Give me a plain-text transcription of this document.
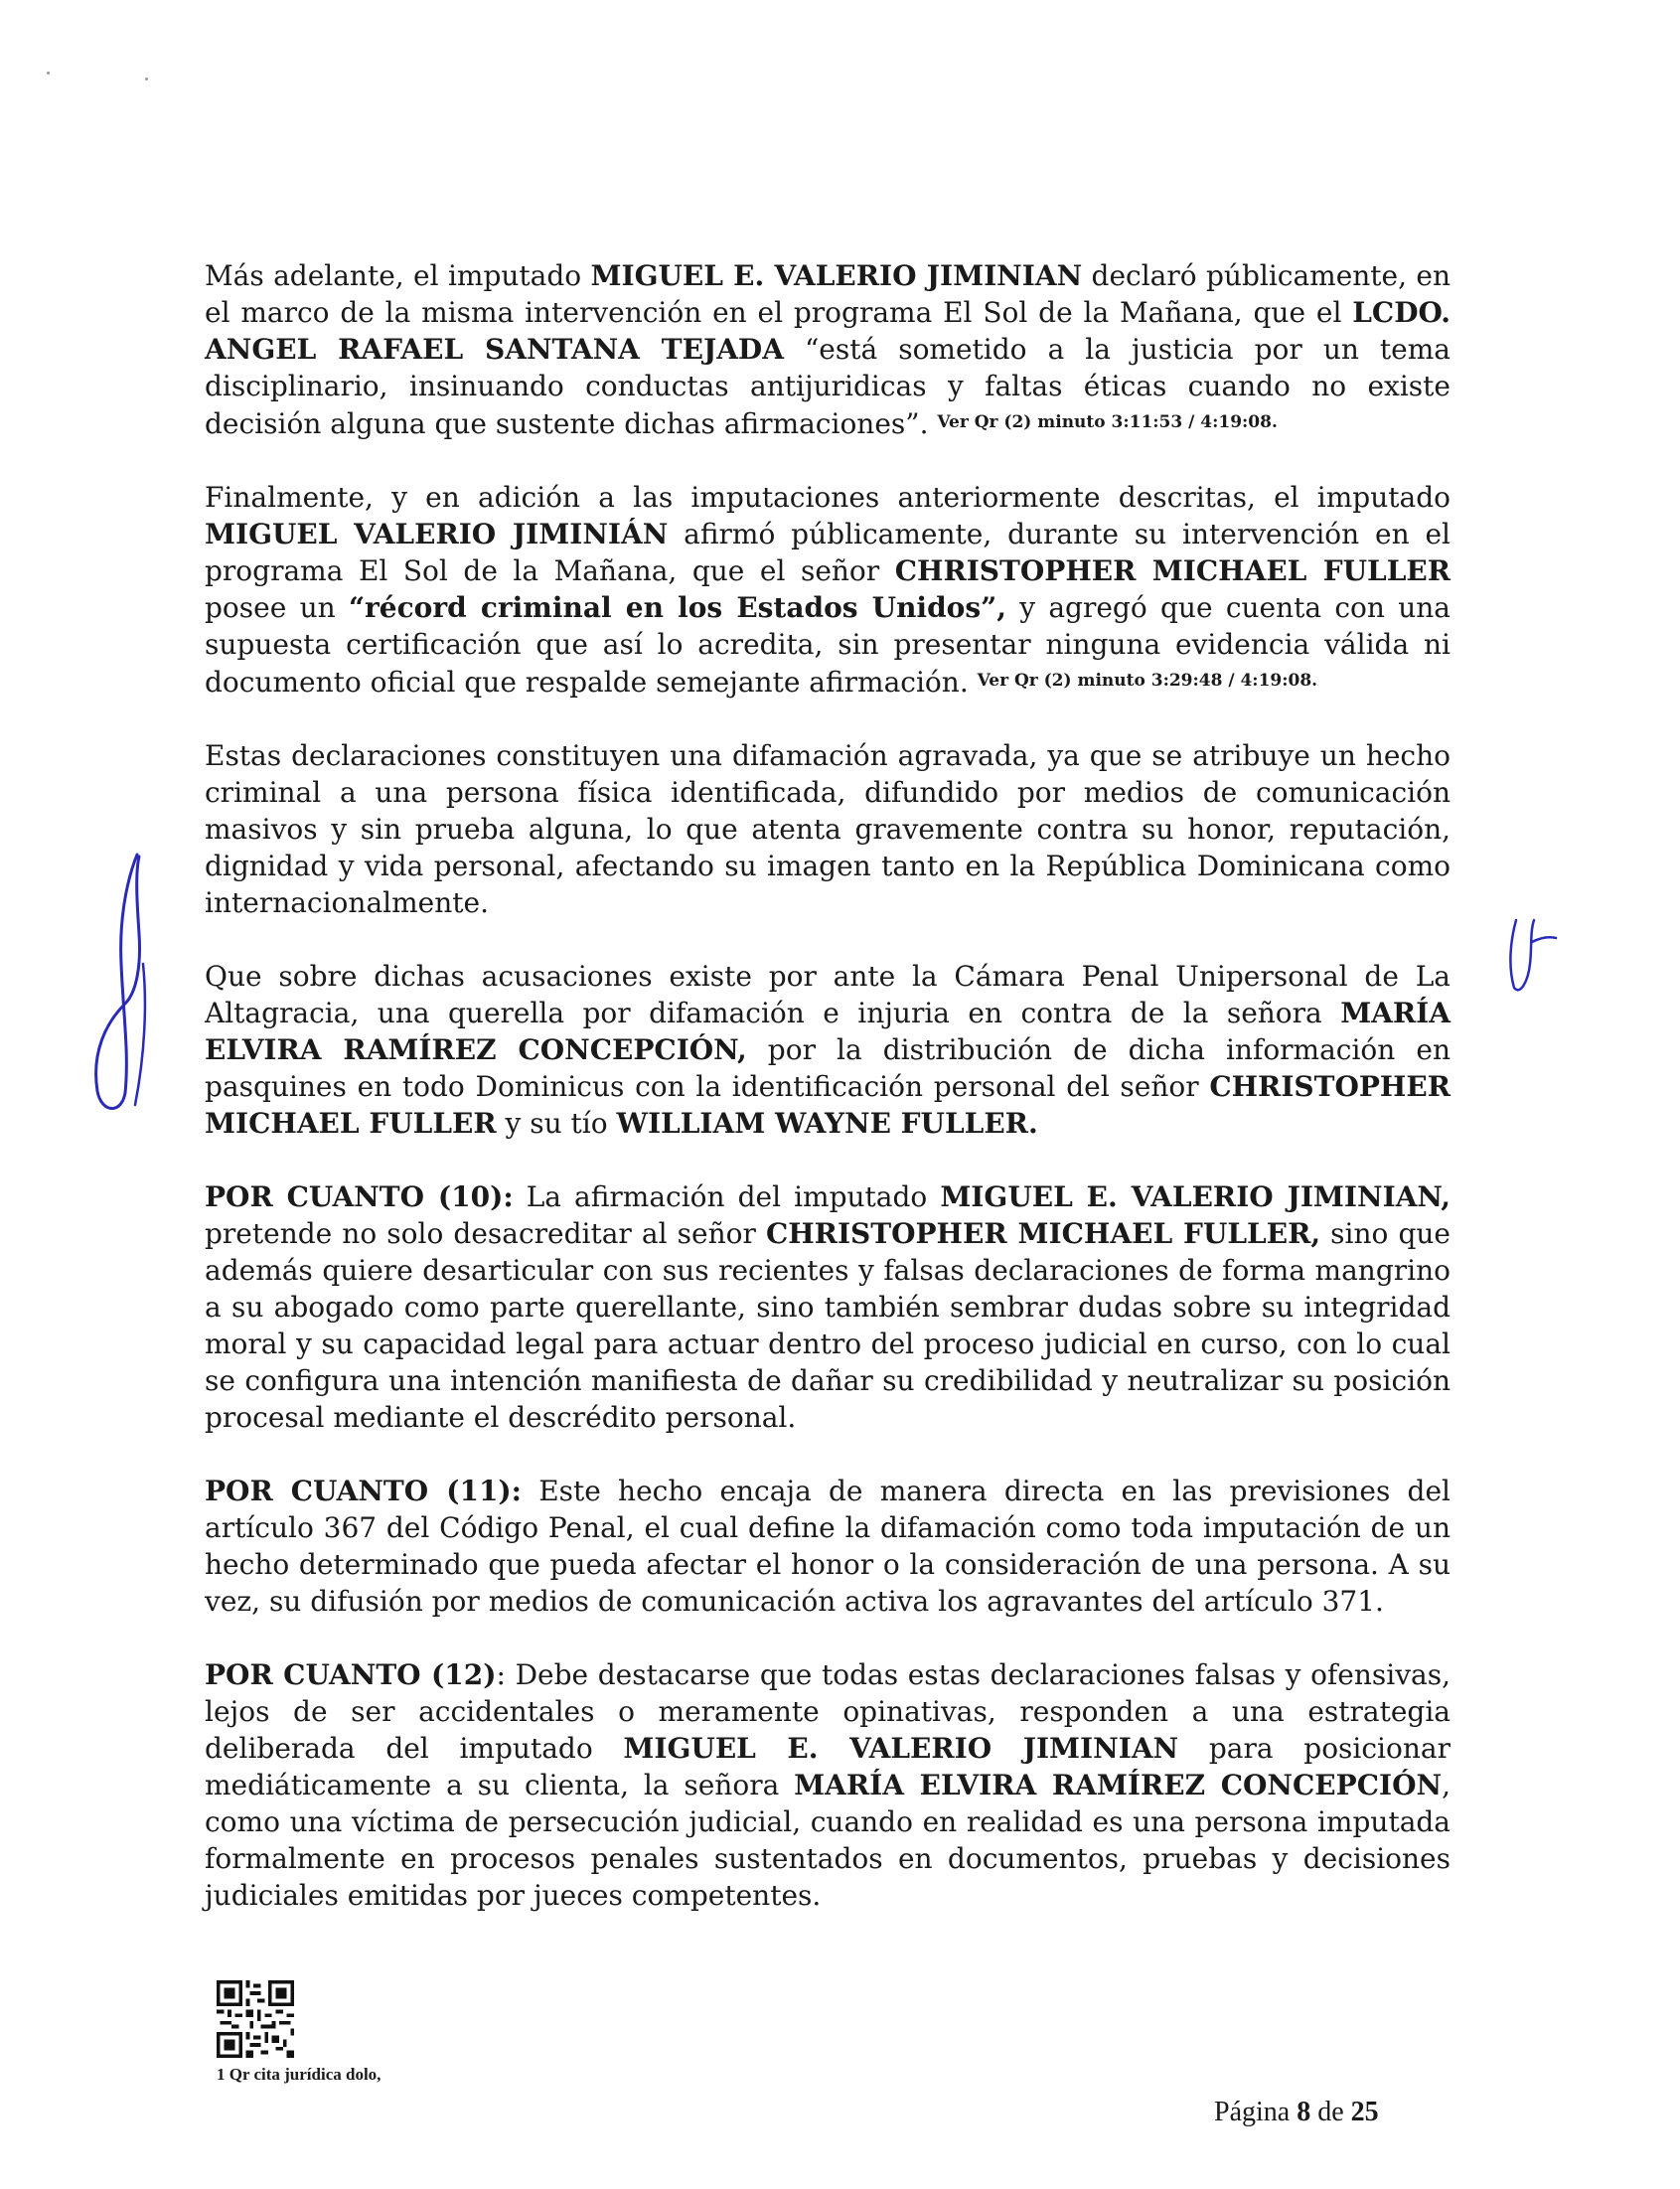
Más adelante, el imputado MIGUEL E. VALERIO JIMINIAN declaró públicamente, en el marco de la misma intervención en el programa El Sol de la Mañana, que el LCDO. ANGEL RAFAEL SANTANA TEJADA “está sometido a la justicia por un tema disciplinario, insinuando conductas antijuridicas y faltas éticas cuando no existe decisión alguna que sustente dichas afirmaciones”. $^{Ver Qr (2) minuto 3:11:53 / 4:19:08.}$

Finalmente, y en adición a las imputaciones anteriormente descritas, el imputado MIGUEL VALERIO JIMINIÁN afirmó públicamente, durante su intervención en el programa El Sol de la Mañana, que el señor CHRISTOPHER MICHAEL FULLER posee un “récord criminal en los Estados Unidos”, y agregó que cuenta con una supuesta certificación que así lo acredita, sin presentar ninguna evidencia válida ni documento oficial que respalde semejante afirmación. $^{Ver Qr (2) minuto 3:29:48 / 4:19:08.}$

Estas declaraciones constituyen una difamación agravada, ya que se atribuye un hecho criminal a una persona física identificada, difundido por medios de comunicación masivos y sin prueba alguna, lo que atenta gravemente contra su honor, reputación, dignidad y vida personal, afectando su imagen tanto en la República Dominicana como internacionalmente.

Que sobre dichas acusaciones existe por ante la Cámara Penal Unipersonal de La Altagracia, una querella por difamación e injuria en contra de la señora MARÍA ELVIRA RAMÍREZ CONCEPCIÓN, por la distribución de dicha información en pasquines en todo Dominicus con la identificación personal del señor CHRISTOPHER MICHAEL FULLER y su tío WILLIAM WAYNE FULLER.

POR CUANTO (10): La afirmación del imputado MIGUEL E. VALERIO JIMINIAN, pretende no solo desacreditar al señor CHRISTOPHER MICHAEL FULLER, sino que además quiere desarticular con sus recientes y falsas declaraciones de forma mangrino a su abogado como parte querellante, sino también sembrar dudas sobre su integridad moral y su capacidad legal para actuar dentro del proceso judicial en curso, con lo cual se configura una intención manifiesta de dañar su credibilidad y neutralizar su posición procesal mediante el descrédito personal.

POR CUANTO (11): Este hecho encaja de manera directa en las previsiones del artículo 367 del Código Penal, el cual define la difamación como toda imputación de un hecho determinado que pueda afectar el honor o la consideración de una persona. A su vez, su difusión por medios de comunicación activa los agravantes del artículo 371.

POR CUANTO (12): Debe destacarse que todas estas declaraciones falsas y ofensivas, lejos de ser accidentales o meramente opinativas, responden a una estrategia deliberada del imputado MIGUEL E. VALERIO JIMINIAN para posicionar mediáticamente a su clienta, la señora MARÍA ELVIRA RAMÍREZ CONCEPCIÓN, como una víctima de persecución judicial, cuando en realidad es una persona imputada formalmente en procesos penales sustentados en documentos, pruebas y decisiones judiciales emitidas por jueces competentes.

1 Qr cita jurídica dolo,
Página 8 de 25
